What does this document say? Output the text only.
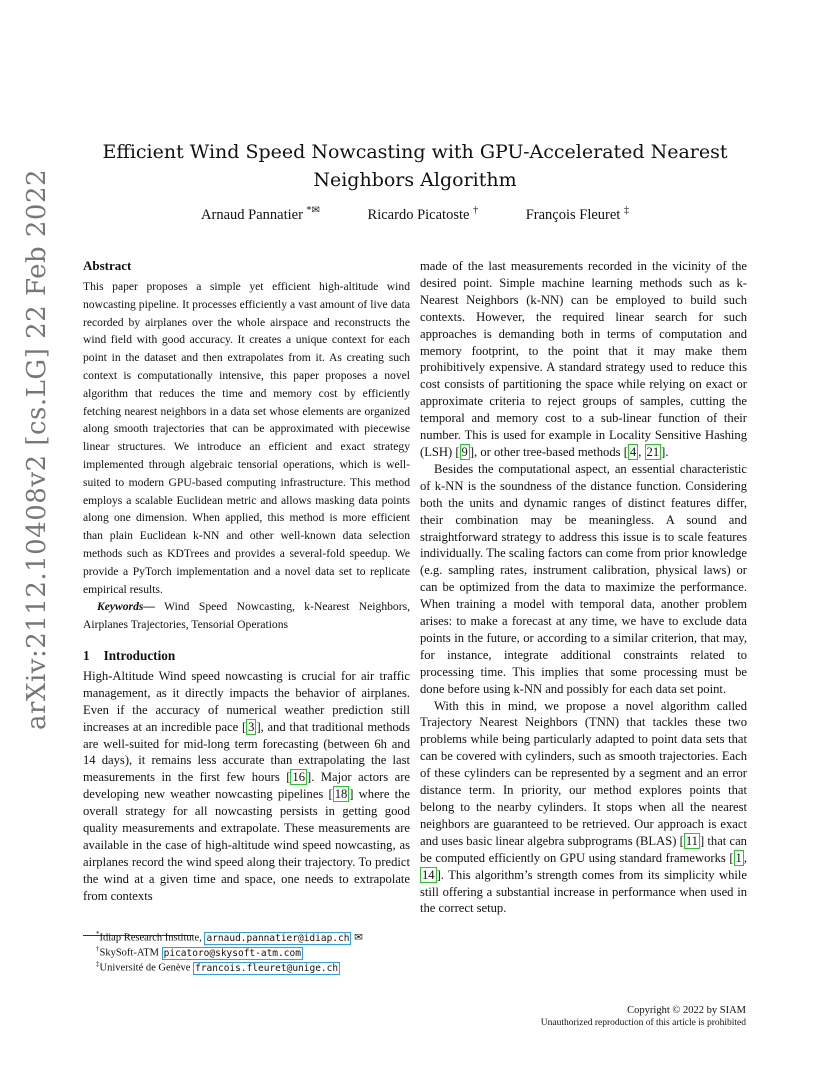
arXiv:2112.10408v2 [cs.LG] 22 Feb 2022
Efficient Wind Speed Nowcasting with GPU-Accelerated Nearest Neighbors Algorithm
Arnaud Pannatier *✉	Ricardo Picatoste †	François Fleuret ‡
Abstract

This paper proposes a simple yet efficient high-altitude wind nowcasting pipeline. It processes efficiently a vast amount of live data recorded by airplanes over the whole airspace and reconstructs the wind field with good accuracy. It creates a unique context for each point in the dataset and then extrapolates from it. As creating such context is computationally intensive, this paper proposes a novel algorithm that reduces the time and memory cost by efficiently fetching nearest neighbors in a data set whose elements are organized along smooth trajectories that can be approximated with piecewise linear structures. We introduce an efficient and exact strategy implemented through algebraic tensorial operations, which is well-suited to modern GPU-based computing infrastructure. This method employs a scalable Euclidean metric and allows masking data points along one dimension. When applied, this method is more efficient than plain Euclidean k-NN and other well-known data selection methods such as KDTrees and provides a several-fold speedup. We provide a PyTorch implementation and a novel data set to replicate empirical results.

Keywords— Wind Speed Nowcasting, k-Nearest Neighbors, Airplanes Trajectories, Tensorial Operations

1 Introduction

High-Altitude Wind speed nowcasting is crucial for air traffic management, as it directly impacts the behavior of airplanes. Even if the accuracy of numerical weather prediction still increases at an incredible pace [ 3 ], and that traditional methods are well-suited for mid-long term forecasting (between 6h and 14 days), it remains less accurate than extrapolating the last measurements in the first few hours [ 16 ]. Major actors are developing new weather nowcasting pipelines [ 18 ] where the overall strategy for all nowcasting persists in getting good quality measurements and extrapolate. These measurements are available in the case of high-altitude wind speed nowcasting, as airplanes record the wind speed along their trajectory. To predict the wind at a given time and space, one needs to extrapolate from contexts

made of the last measurements recorded in the vicinity of the desired point. Simple machine learning methods such as k-Nearest Neighbors (k-NN) can be employed to build such contexts. However, the required linear search for such approaches is demanding both in terms of computation and memory footprint, to the point that it may make them prohibitively expensive. A standard strategy used to reduce this cost consists of partitioning the space while relying on exact or approximate criteria to reject groups of samples, cutting the temporal and memory cost to a sub-linear function of their number. This is used for example in Locality Sensitive Hashing (LSH) [ 9 ], or other tree-based methods [ 4 , 21 ].

Besides the computational aspect, an essential characteristic of k-NN is the soundness of the distance function. Considering both the units and dynamic ranges of distinct features differ, their combination may be meaningless. A sound and straightforward strategy to address this issue is to scale features individually. The scaling factors can come from prior knowledge (e.g. sampling rates, instrument calibration, physical laws) or can be optimized from the data to maximize the performance. When training a model with temporal data, another problem arises: to make a forecast at any time, we have to exclude data points in the future, or according to a similar criterion, that may, for instance, integrate additional constraints related to processing time. This implies that some processing must be done before using k-NN and possibly for each data set point.

With this in mind, we propose a novel algorithm called Trajectory Nearest Neighbors (TNN) that tackles these two problems while being particularly adapted to point data sets that can be covered with cylinders, such as smooth trajectories. Each of these cylinders can be represented by a segment and an error distance term. In priority, our method explores points that belong to the nearby cylinders. It stops when all the nearest neighbors are guaranteed to be retrieved. Our approach is exact and uses basic linear algebra subprograms (BLAS) [ 11 ] that can be computed efficiently on GPU using standard frameworks [ 1 , 14 ]. This algorithm’s strength comes from its simplicity while still offering a substantial increase in performance when used in the correct setup.

*Idiap Research Institute, arnaud.pannatier@idiap.ch ✉
†SkySoft-ATM picatoro@skysoft-atm.com
‡Université de Genève francois.fleuret@unige.ch
Copyright © 2022 by SIAM
Unauthorized reproduction of this article is prohibited
